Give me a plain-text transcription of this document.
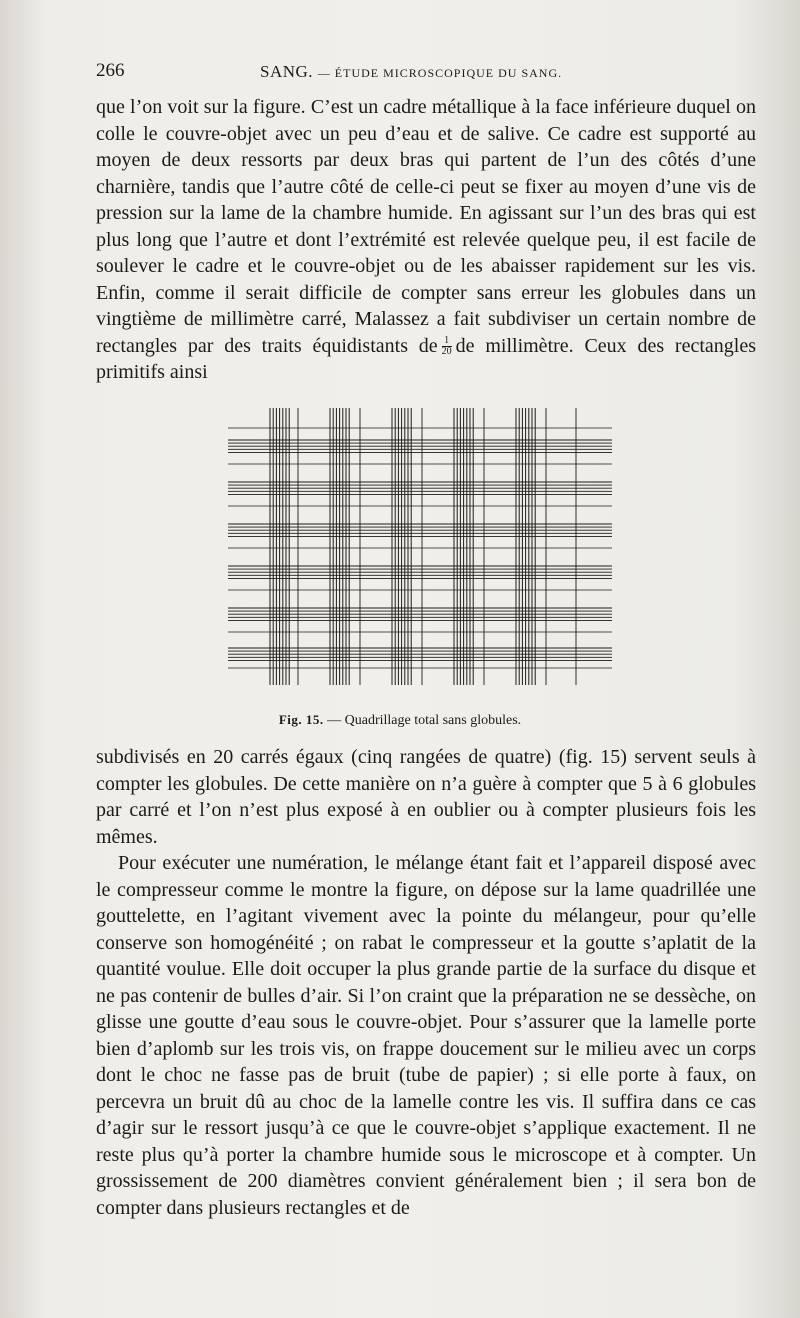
266	SANG. — ÉTUDE MICROSCOPIQUE DU SANG.

que l’on voit sur la figure. C’est un cadre métallique à la face inférieure duquel on colle le couvre-objet avec un peu d’eau et de salive. Ce cadre est supporté au moyen de deux ressorts par deux bras qui partent de l’un des côtés d’une charnière, tandis que l’autre côté de celle-ci peut se fixer au moyen d’une vis de pression sur la lame de la chambre humide. En agissant sur l’un des bras qui est plus long que l’autre et dont l’extrémité est relevée quelque peu, il est facile de soulever le cadre et le couvre-objet ou de les abaisser rapidement sur les vis. Enfin, comme il serait difficile de compter sans erreur les globules dans un vingtième de millimètre carré, Malassez a fait subdiviser un certain nombre de rectangles par des traits équidistants de $\frac{1}{20}$ de millimètre. Ceux des rectangles primitifs ainsi

Fig. 15. — Quadrillage total sans globules.

subdivisés en 20 carrés égaux (cinq rangées de quatre) (fig. 15) servent seuls à compter les globules. De cette manière on n’a guère à compter que 5 à 6 globules par carré et l’on n’est plus exposé à en oublier ou à compter plusieurs fois les mêmes.

Pour exécuter une numération, le mélange étant fait et l’appareil disposé avec le compresseur comme le montre la figure, on dépose sur la lame quadrillée une gouttelette, en l’agitant vivement avec la pointe du mélangeur, pour qu’elle conserve son homogénéité ; on rabat le compresseur et la goutte s’aplatit de la quantité voulue. Elle doit occuper la plus grande partie de la surface du disque et ne pas contenir de bulles d’air. Si l’on craint que la préparation ne se dessèche, on glisse une goutte d’eau sous le couvre-objet. Pour s’assurer que la lamelle porte bien d’aplomb sur les trois vis, on frappe doucement sur le milieu avec un corps dont le choc ne fasse pas de bruit (tube de papier) ; si elle porte à faux, on percevra un bruit dû au choc de la lamelle contre les vis. Il suffira dans ce cas d’agir sur le ressort jusqu’à ce que le couvre-objet s’applique exactement. Il ne reste plus qu’à porter la chambre humide sous le microscope et à compter. Un grossissement de 200 diamètres convient généralement bien ; il sera bon de compter dans plusieurs rectangles et de
